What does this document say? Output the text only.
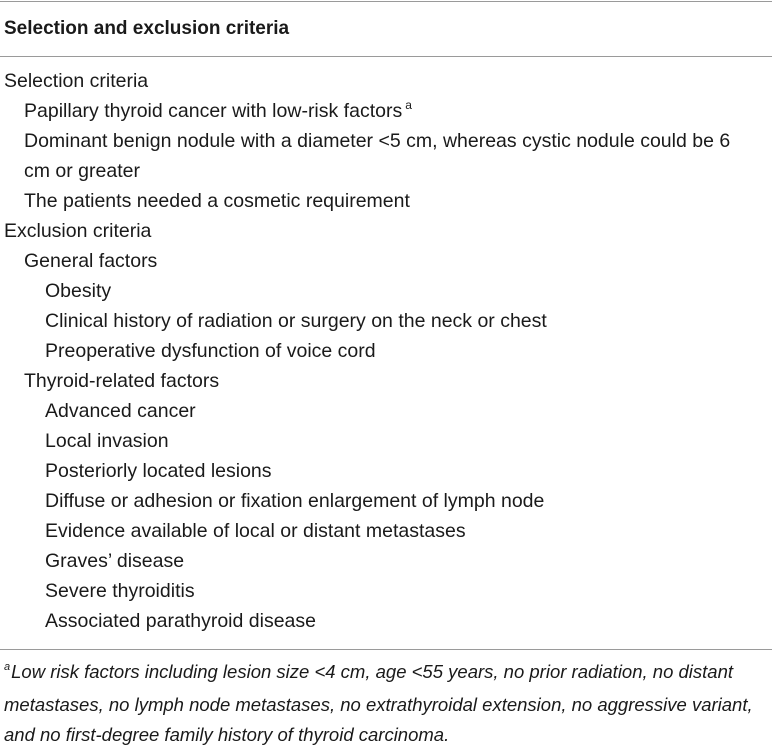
Selection and exclusion criteria
Selection criteria
Papillary thyroid cancer with low-risk factors $^a$
Dominant benign nodule with a diameter <5 cm, whereas cystic nodule could be 6 cm or greater
The patients needed a cosmetic requirement
Exclusion criteria
General factors
Obesity
Clinical history of radiation or surgery on the neck or chest
Preoperative dysfunction of voice cord
Thyroid-related factors
Advanced cancer
Local invasion
Posteriorly located lesions
Diffuse or adhesion or fixation enlargement of lymph node
Evidence available of local or distant metastases
Graves’ disease
Severe thyroiditis
Associated parathyroid disease
$^a$Low risk factors including lesion size <4 cm, age <55 years, no prior radiation, no distant metastases, no lymph node metastases, no extrathyroidal extension, no aggressive variant, and no first-degree family history of thyroid carcinoma.
